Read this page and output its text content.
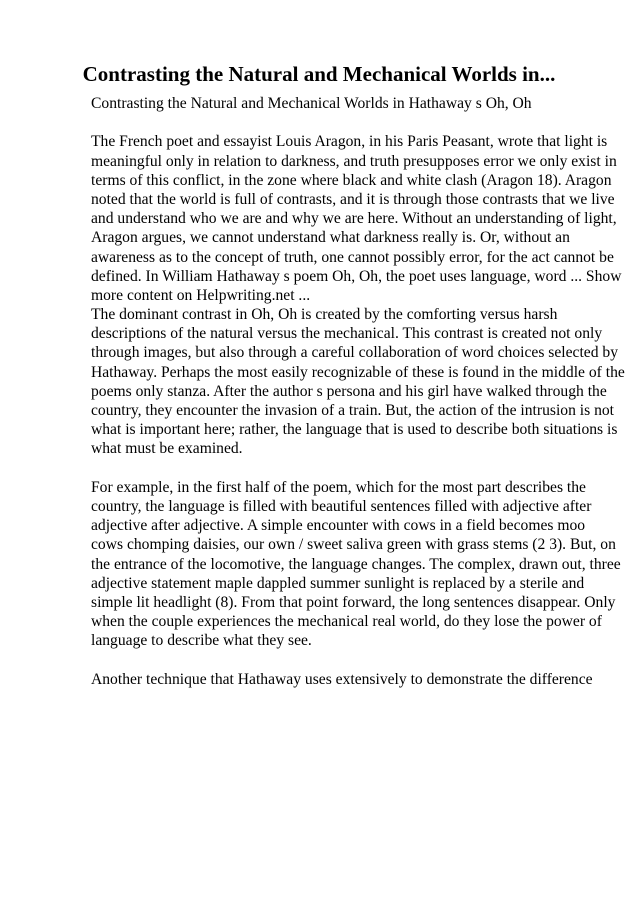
Contrasting the Natural and Mechanical Worlds in...
Contrasting the Natural and Mechanical Worlds in Hathaway s Oh, Oh
The French poet and essayist Louis Aragon, in his Paris Peasant, wrote that light is
meaningful only in relation to darkness, and truth presupposes error we only exist in
terms of this conflict, in the zone where black and white clash (Aragon 18). Aragon
noted that the world is full of contrasts, and it is through those contrasts that we live
and understand who we are and why we are here. Without an understanding of light,
Aragon argues, we cannot understand what darkness really is. Or, without an
awareness as to the concept of truth, one cannot possibly error, for the act cannot be
defined. In William Hathaway s poem Oh, Oh, the poet uses language, word ... Show
more content on Helpwriting.net ...
The dominant contrast in Oh, Oh is created by the comforting versus harsh
descriptions of the natural versus the mechanical. This contrast is created not only
through images, but also through a careful collaboration of word choices selected by
Hathaway. Perhaps the most easily recognizable of these is found in the middle of the
poems only stanza. After the author s persona and his girl have walked through the
country, they encounter the invasion of a train. But, the action of the intrusion is not
what is important here; rather, the language that is used to describe both situations is
what must be examined.
For example, in the first half of the poem, which for the most part describes the
country, the language is filled with beautiful sentences filled with adjective after
adjective after adjective. A simple encounter with cows in a field becomes moo
cows chomping daisies, our own / sweet saliva green with grass stems (2 3). But, on
the entrance of the locomotive, the language changes. The complex, drawn out, three
adjective statement maple dappled summer sunlight is replaced by a sterile and
simple lit headlight (8). From that point forward, the long sentences disappear. Only
when the couple experiences the mechanical real world, do they lose the power of
language to describe what they see.
Another technique that Hathaway uses extensively to demonstrate the difference
